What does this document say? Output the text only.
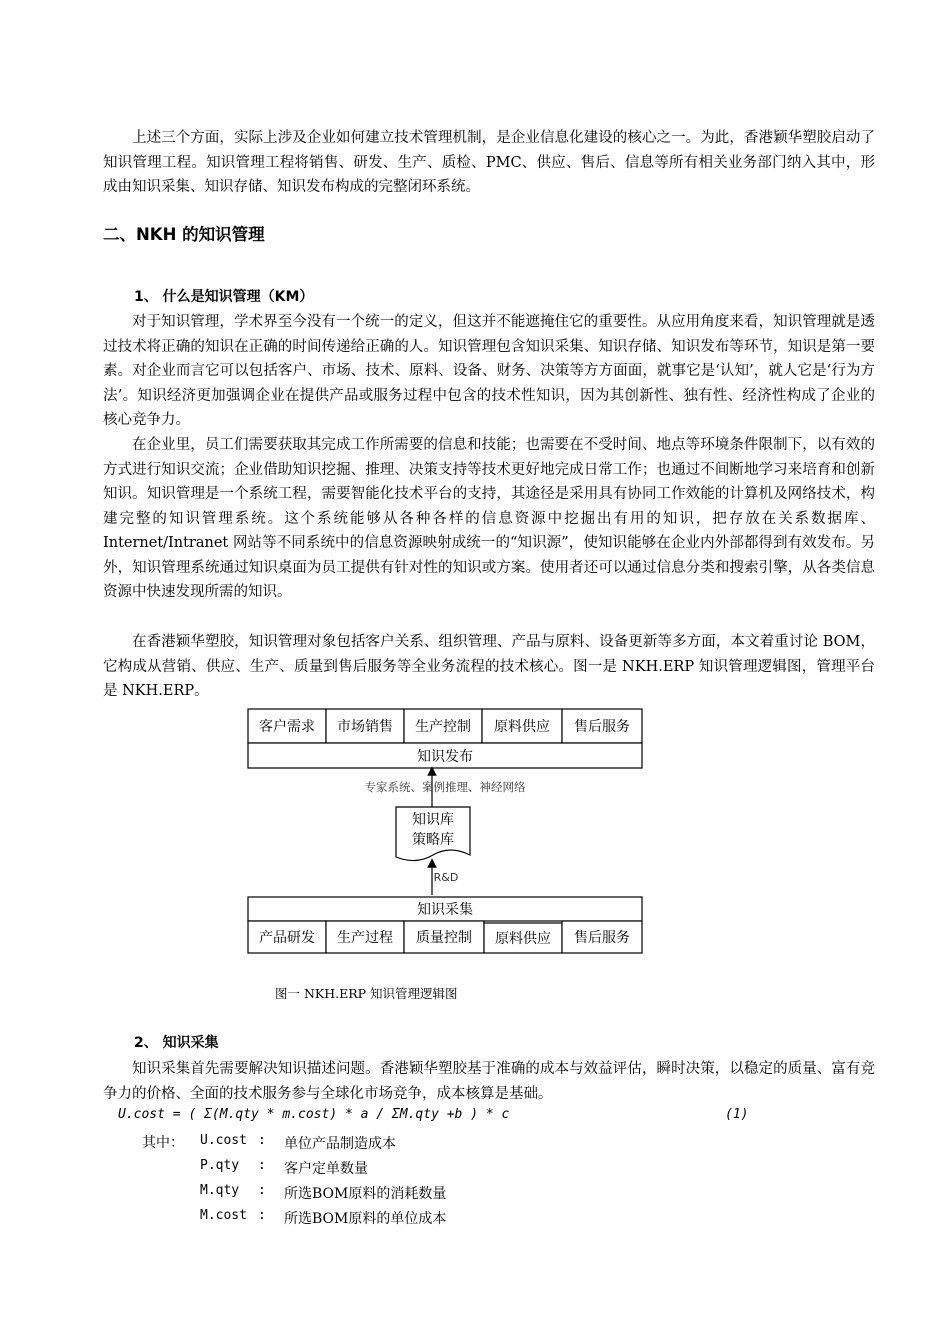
上述三个方面，实际上涉及企业如何建立技术管理机制，是企业信息化建设的核心之一。为此，香港颖华塑胶启动了知识管理工程。知识管理工程将销售、研发、生产、质检、PMC、供应、售后、信息等所有相关业务部门纳入其中，形成由知识采集、知识存储、知识发布构成的完整闭环系统。

二、NKH 的知识管理
1、 什么是知识管理（KM）

对于知识管理，学术界至今没有一个统一的定义，但这并不能遮掩住它的重要性。从应用角度来看，知识管理就是透过技术将正确的知识在正确的时间传递给正确的人。知识管理包含知识采集、知识存储、知识发布等环节，知识是第一要素。对企业而言它可以包括客户、市场、技术、原料、设备、财务、决策等方方面面，就事它是‘认知’，就人它是‘行为方法’。知识经济更加强调企业在提供产品或服务过程中包含的技术性知识，因为其创新性、独有性、经济性构成了企业的核心竞争力。

在企业里，员工们需要获取其完成工作所需要的信息和技能；也需要在不受时间、地点等环境条件限制下，以有效的方式进行知识交流；企业借助知识挖掘、推理、决策支持等技术更好地完成日常工作；也通过不间断地学习来培育和创新知识。知识管理是一个系统工程，需要智能化技术平台的支持，其途径是采用具有协同工作效能的计算机及网络技术，构建完整的知识管理系统。这个系统能够从各种各样的信息资源中挖掘出有用的知识，把存放在关系数据库、Internet/Intranet 网站等不同系统中的信息资源映射成统一的“知识源”，使知识能够在企业内外部都得到有效发布。另外，知识管理系统通过知识桌面为员工提供有针对性的知识或方案。使用者还可以通过信息分类和搜索引擎，从各类信息资源中快速发现所需的知识。

在香港颖华塑胶，知识管理对象包括客户关系、组织管理、产品与原料、设备更新等多方面，本文着重讨论 BOM，它构成从营销、供应、生产、质量到售后服务等全业务流程的技术核心。图一是 NKH.ERP 知识管理逻辑图，管理平台是 NKH.ERP。

客户需求 市场销售 生产控制 原料供应 售后服务
知识发布
专家系统、案例推理、神经网络
知识库
策略库
R&D
知识采集
产品研发 生产过程 质量控制 原料供应 售后服务

图一 NKH.ERP 知识管理逻辑图

2、 知识采集

知识采集首先需要解决知识描述问题。香港颖华塑胶基于准确的成本与效益评估，瞬时决策，以稳定的质量、富有竞争力的价格、全面的技术服务参与全球化市场竞争，成本核算是基础。

U.cost = ( Σ(M.qty * m.cost) * a / ΣM.qty +b ) * c	(1)

其中： U.cost :	单位产品制造成本
P.qty	:	客户定单数量
M.qty	:	所选BOM原料的消耗数量
M.cost :	所选BOM原料的单位成本
